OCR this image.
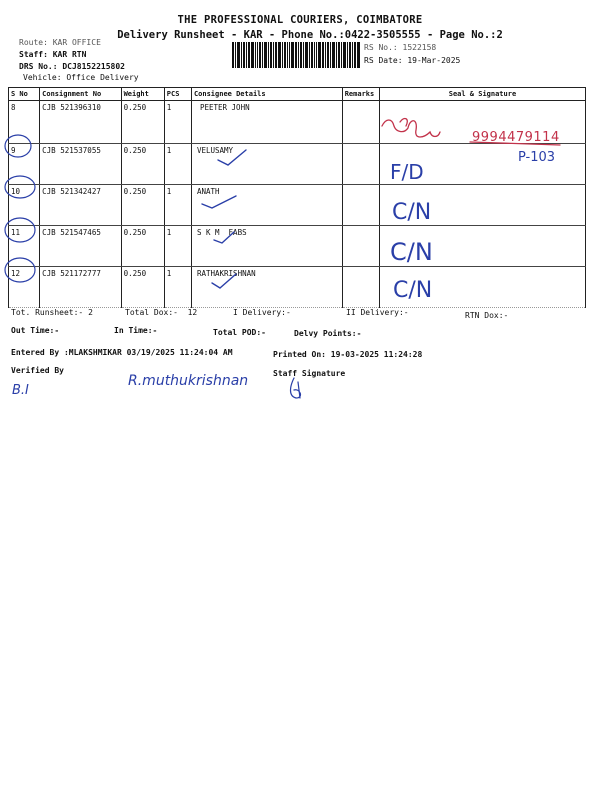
THE PROFESSIONAL COURIERS, COIMBATORE
Delivery Runsheet - KAR - Phone No.:0422-3505555 - Page No.:2
Route: KAR OFFICE
Staff: KAR RTN
DRS No.: DCJ8152215802
Vehicle: Office Delivery
RS No.: 1522158
RS Date: 19-Mar-2025
S No	Consignment No	Weight	PCS	Consignee Details	Remarks	Seal & Signature
8	CJB 521396310	0.250	1	PEETER JOHN		
9	CJB 521537055	0.250	1	VELUSAMY		
10	CJB 521342427	0.250	1	ANATH		
11	CJB 521547465	0.250	1	S K M  FABS		
12	CJB 521172777	0.250	1	RATHAKRISHNAN		
Tot. Runsheet:- 2	Total Dox:-  12	I Delivery:-	II Delivery:-	RTN Dox:-
Out Time:-	In Time:-	Total POD:-	Delvy Points:-
Entered By :MLAKSHMIKAR 03/19/2025 11:24:04 AM	Printed On: 19-03-2025 11:24:28
Verified By	Staff Signature
9994479114
P-103
F/D
C/N
C/N
C/N
R.muthukrishnan
B.I
